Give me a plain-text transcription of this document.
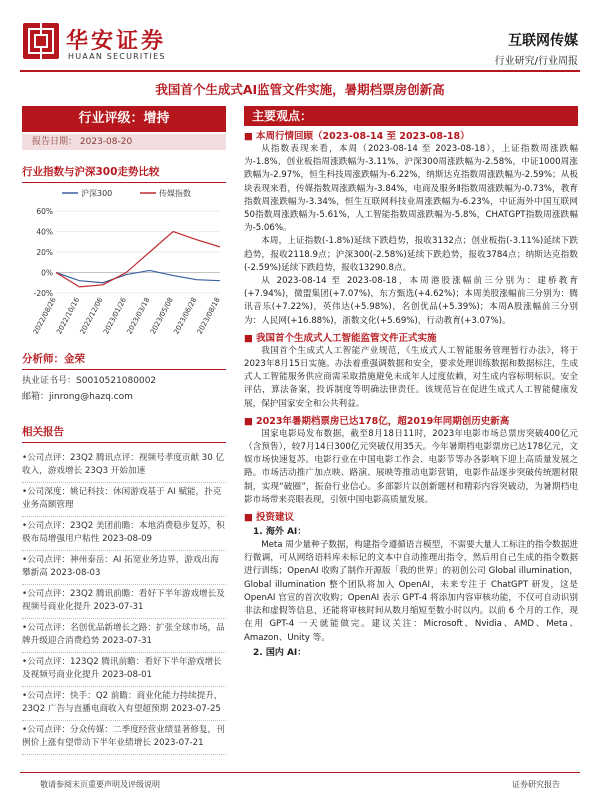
华安证券
HUAAN SECURITIES
互联网传媒
行业研究/行业周报
我国首个生成式AI监管文件实施，暑期档票房创新高
行业评级：增持
报告日期： 2023-08-20
行业指数与沪深300走势比较
沪深300	传媒指数
60%
40%
20%
0%
-20%
2022/08/26
2022/10/16
2022/12/06
2023/01/26
2023/03/18
2023/05/08
2023/06/28
2023/08/18
分析师：金荣
执业证书号：S0010521080002
邮箱：jinrong@hazq.com
相关报告
•公司点评：23Q2 腾讯点评：视频号孝度贡献 30 亿收入，游戏增长 23Q3 开始加速
•公司深度：姚记科技：休闲游戏基于 AI 赋能，扑克业务高额管理
•公司点评：23Q2 美团前瞻：本地消费稳步复苏，积极布局增强用户粘性 2023-08-09
•公司点评：神州泰岳：AI 拓宽业务边界，游戏出海攀新高 2023-08-03
•公司点评：23Q2 腾讯前瞻：看好下半年游戏增长及视频号商业化提升 2023-07-31
•公司点评：名创优品新增长之路：扩张全球市场，品牌升级迎合消费趋势 2023-07-31
•公司点评：123Q2 腾讯前瞻：看好下半年游戏增长及视频号商业化提升 2023-08-01
•公司点评：快手：Q2 前瞻：商业化能力持续提升，23Q2 广告与直播电商收入有望超预期 2023-07-25
•公司点评：分众传媒：二季度经营业绩显著修复，刊例价上涨有望带动下半年业绩增长 2023-07-21
主要观点：
■ 本周行情回顾（2023-08-14 至 2023-08-18）

从指数表现来看，本周（2023-08-14 至 2023-08-18），上证指数周涨跌幅为-1.8%，创业板指周涨跌幅为-3.11%，沪深300周涨跌幅为-2.58%，中证1000周涨跌幅为-2.97%，恒生科技周涨跌幅为-6.22%，纳斯达克指数周涨跌幅为-2.59%；从板块表现来看，传媒指数周涨跌幅为-3.84%，电商及服务Ⅱ指数周涨跌幅为-0.73%，教育指数周涨跌幅为-3.34%，恒生互联网科技业周涨跌幅为-6.23%，中证海外中国互联网50指数周涨跌幅为-5.61%，人工智能指数周涨跌幅为-5.8%，CHATGPT指数周涨跌幅为-5.06%。

本周，上证指数(-1.8%)延续下跌趋势，报收3132点；创业板指(-3.11%)延续下跌趋势，报收2118.9点；沪深300(-2.58%)延续下跌趋势，报收3784点；纳斯达克指数(-2.59%)延续下跌趋势，报收13290.8点。

从 2023-08-14 至 2023-08-18，本周港股涨幅前三分别为：建桥教育(+7.94%)，微盟集团(+7.07%)，东方甄选(+4.62%)；本周美股涨幅前三分别为：腾讯音乐(+7.22%)，英伟达(+5.98%)，名创优品(+5.39%)；本周A股涨幅前三分别为：人民网(+16.88%)，浙数文化(+5.69%)，行动教育(+3.07%)。

■ 我国首个生成式人工智能监管文件正式实施

我国首个生成式人工智能产业规范，《生成式人工智能服务管理暂行办法》，将于2023年8月15日实施。办法着重强调数据和安全，要求处理训练数据和数据标注，生成式人工智能服务供应商需采取措施避免未成年人过度依赖，对生成内容标明标识。安全评估，算法备案，投诉制度等明确法律责任。该规范旨在促进生成式人工智能健康发展，保护国家安全和公共利益。

■ 2023年暑期档票房已达178亿，超2019年同期创历史新高

国家电影局发布数据，截至8月18日11时，2023年电影市场总票房突破400亿元（含预售），较7月14日300亿元突破仅用35天。今年暑期档电影票房已达178亿元，文娱市场快速复苏。电影行业在中国电影工作会、电影节等办各影响下迎上高质量发展之路。市场活动推广加点映、路演、展映等推动电影营销，电影作品逐步突破传统题材限制，实现“破圈”，振奋行业信心。多部影片以创新题材和精彩内容突破动，为暑期档电影市场带来亮眼表现，引领中国电影高质量发展。

■ 投资建议
1. 海外 AI：

Meta 周少量种子数据，构建指令遵循语言模型，不需要大量人工标注的指令数据进行微调，可从网络语料库未标记的文本中自动推理出指令，然后用自己生成的指令数据进行训练；OpenAI 收购了制作开源版「我的世界」的初创公司 Global illumination，Global illumination 整个团队将加入 OpenAI，未来专注于 ChatGPT 研发，这是 OpenAI 官宣的首次收购；OpenAI 表示 GPT-4 将添加内容审核功能，不仅可自动识别非法和虚假等信息，还能将审核时间从数月缩短至数小时以内。以前 6 个月的工作，现在用 GPT-4 一天就能做完。建议关注：Microsoft、Nvidia、AMD、Meta、Amazon、Unity 等。

2. 国内 AI：
敬请参阅末页重要声明及评级说明	证券研究报告
